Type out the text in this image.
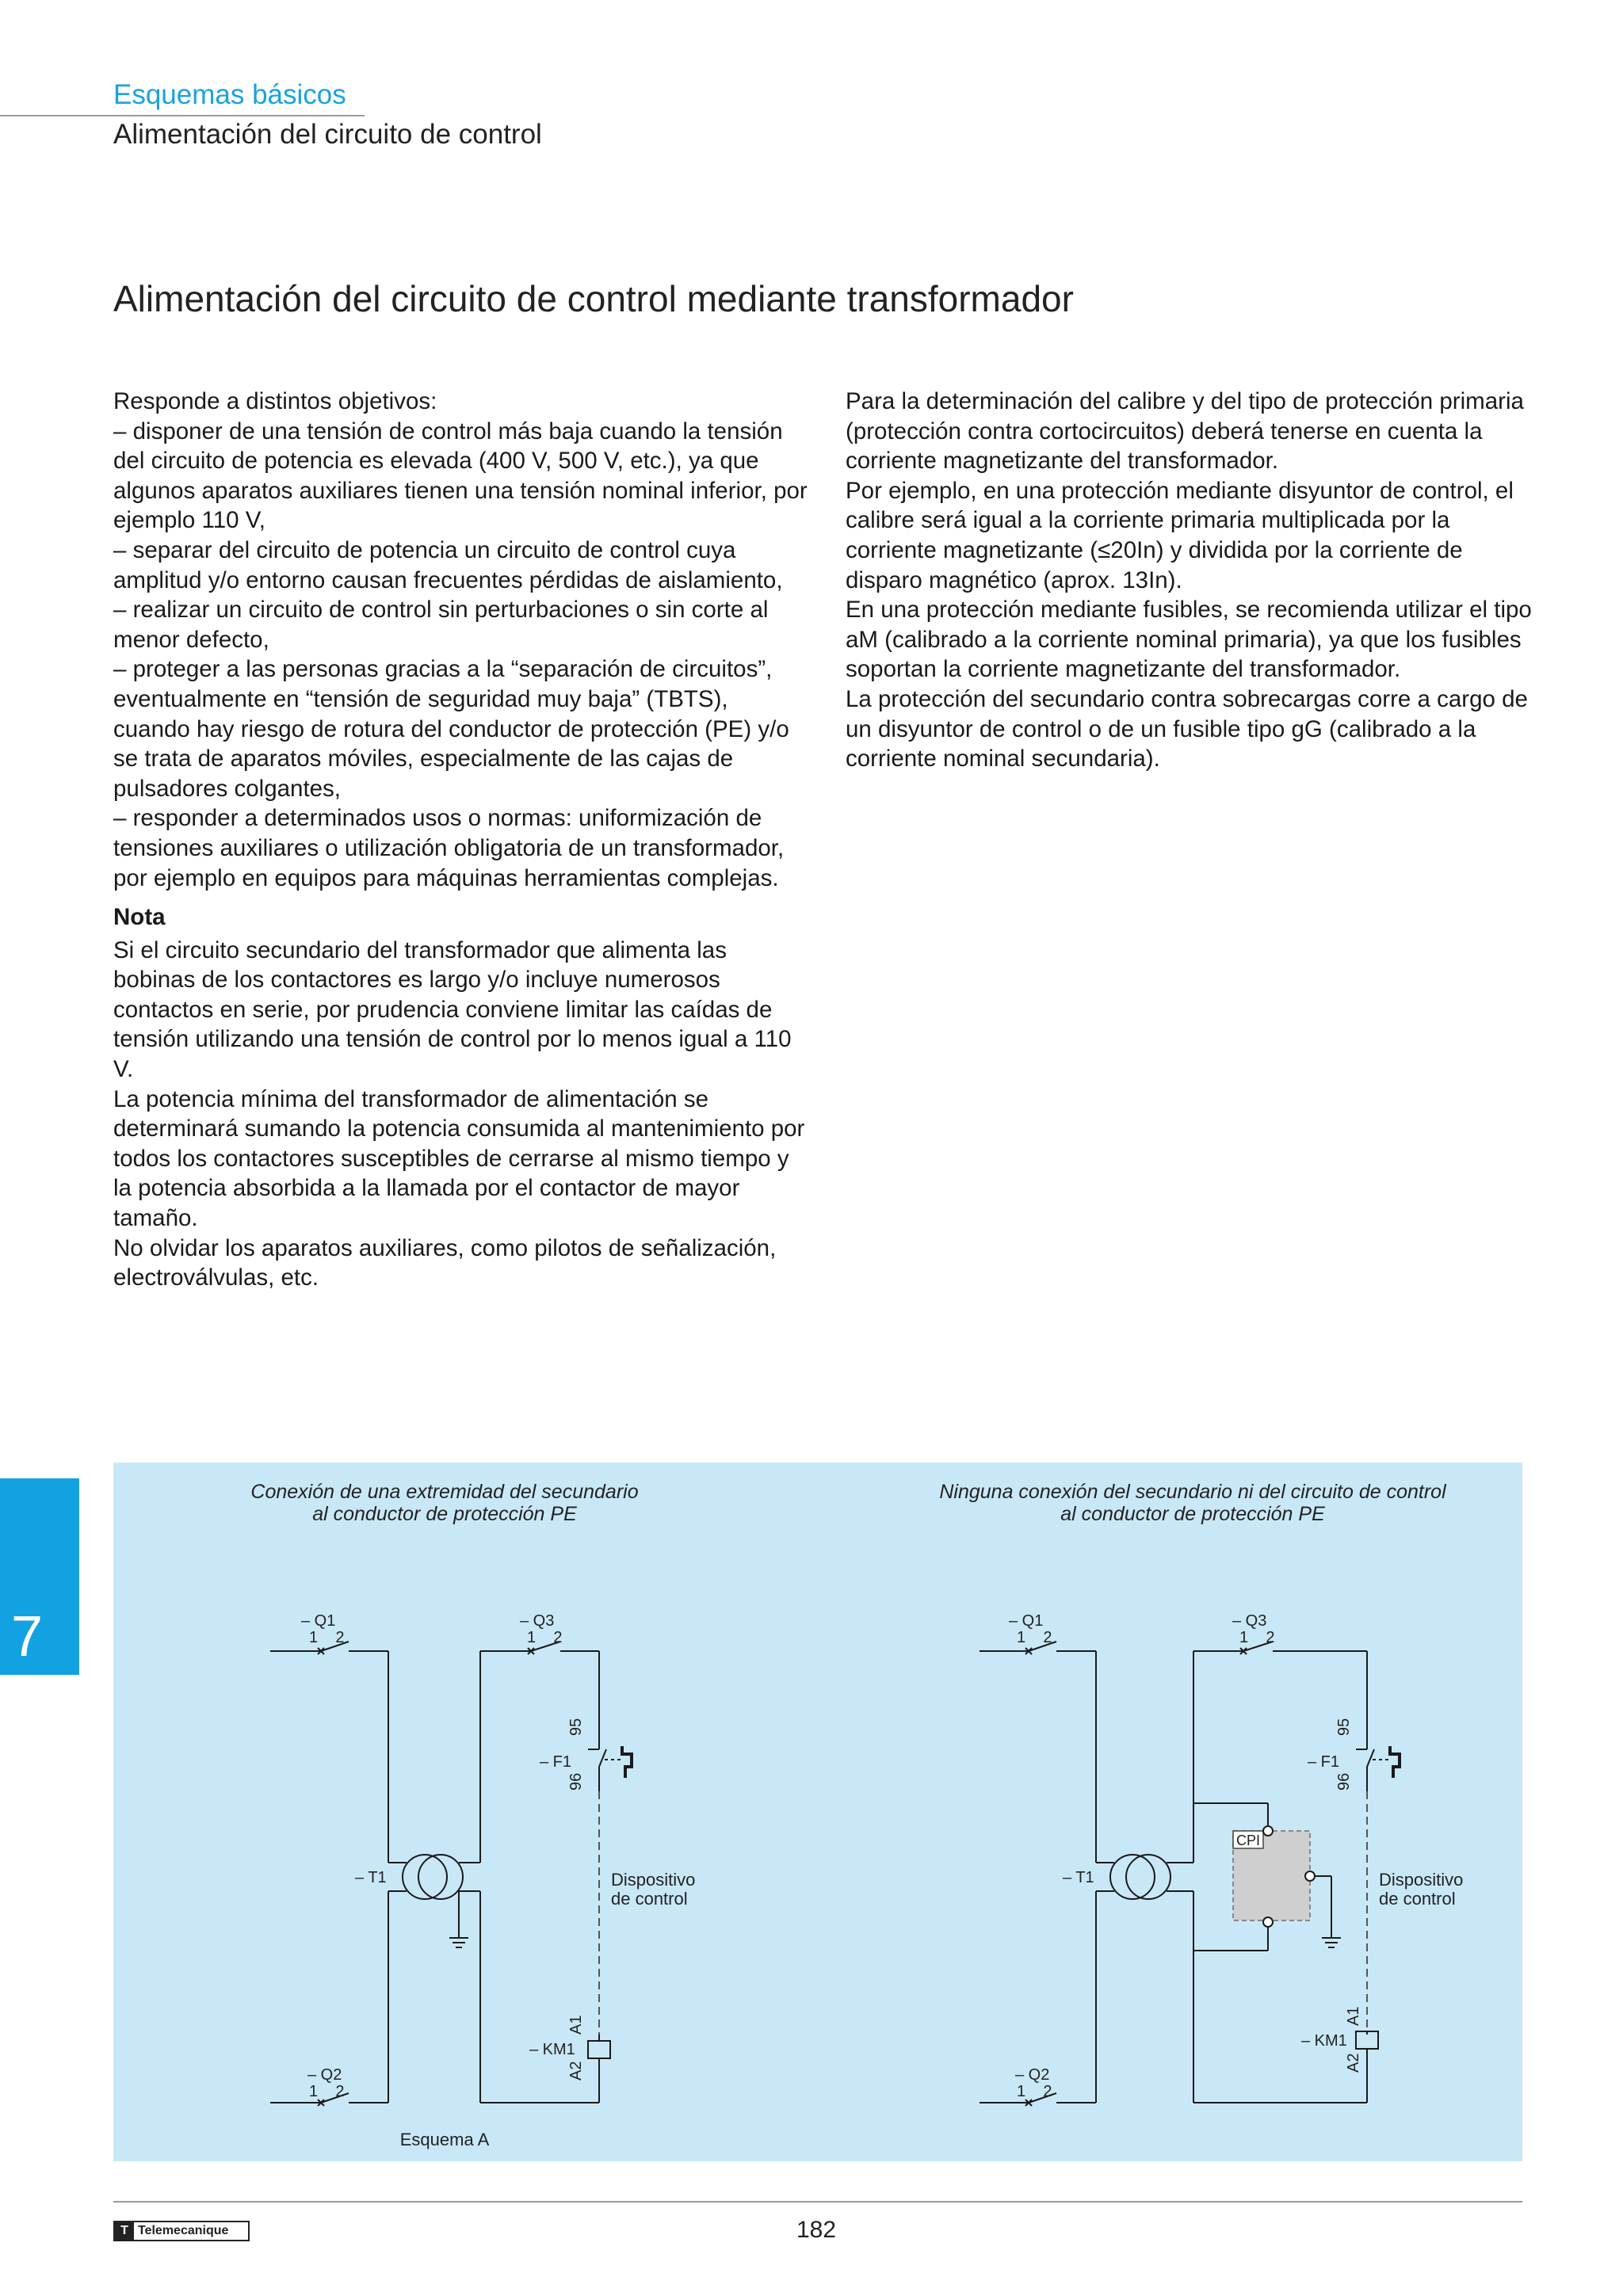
Esquemas básicos
Alimentación del circuito de control
Alimentación del circuito de control mediante transformador

Responde a distintos objetivos:

– disponer de una tensión de control más baja cuando la tensión del circuito de potencia es elevada (400 V, 500 V, etc.), ya que algunos aparatos auxiliares tienen una tensión nominal inferior, por ejemplo 110 V,

– separar del circuito de potencia un circuito de control cuya amplitud y/o entorno causan frecuentes pérdidas de aislamiento,

– realizar un circuito de control sin perturbaciones o sin corte al menor defecto,

– proteger a las personas gracias a la “separación de circuitos”, eventualmente en “tensión de seguridad muy baja” (TBTS), cuando hay riesgo de rotura del conductor de protección (PE) y/o se trata de aparatos móviles, especialmente de las cajas de pulsadores colgantes,

– responder a determinados usos o normas: uniformización de tensiones auxiliares o utilización obligatoria de un transformador, por ejemplo en equipos para máquinas herramientas complejas.

Nota

Si el circuito secundario del transformador que alimenta las bobinas de los contactores es largo y/o incluye numerosos contactos en serie, por prudencia conviene limitar las caídas de tensión utilizando una tensión de control por lo menos igual a 110 V.

La potencia mínima del transformador de alimentación se determinará sumando la potencia consumida al mantenimiento por todos los contactores susceptibles de cerrarse al mismo tiempo y la potencia absorbida a la llamada por el contactor de mayor tamaño.

No olvidar los aparatos auxiliares, como pilotos de señalización, electroválvulas, etc.

Para la determinación del calibre y del tipo de protección primaria (protección contra cortocircuitos) deberá tenerse en cuenta la corriente magnetizante del transformador.

Por ejemplo, en una protección mediante disyuntor de control, el calibre será igual a la corriente primaria multiplicada por la corriente magnetizante (≤20In) y dividida por la corriente de disparo magnético (aprox. 13In).

En una protección mediante fusibles, se recomienda utilizar el tipo aM (calibrado a la corriente nominal primaria), ya que los fusibles soportan la corriente magnetizante del transformador.

La protección del secundario contra sobrecargas corre a cargo de un disyuntor de control o de un fusible tipo gG (calibrado a la corriente nominal secundaria).

7
Conexión de una extremidad del secundario
al conductor de protección PE
– Q1
1    2
– T1
– Q2
1    2
– Q3
1    2
95
96
– F1
Dispositivo
de control
A1
A2
– KM1
Esquema A
Ninguna conexión del secundario ni del circuito de control
al conductor de protección PE
– Q1
1    2
– T1
– Q2
1    2
– Q3
1    2
95
96
– F1
Dispositivo
de control
CPI
A1
A2
– KM1
T Telemecanique	182
